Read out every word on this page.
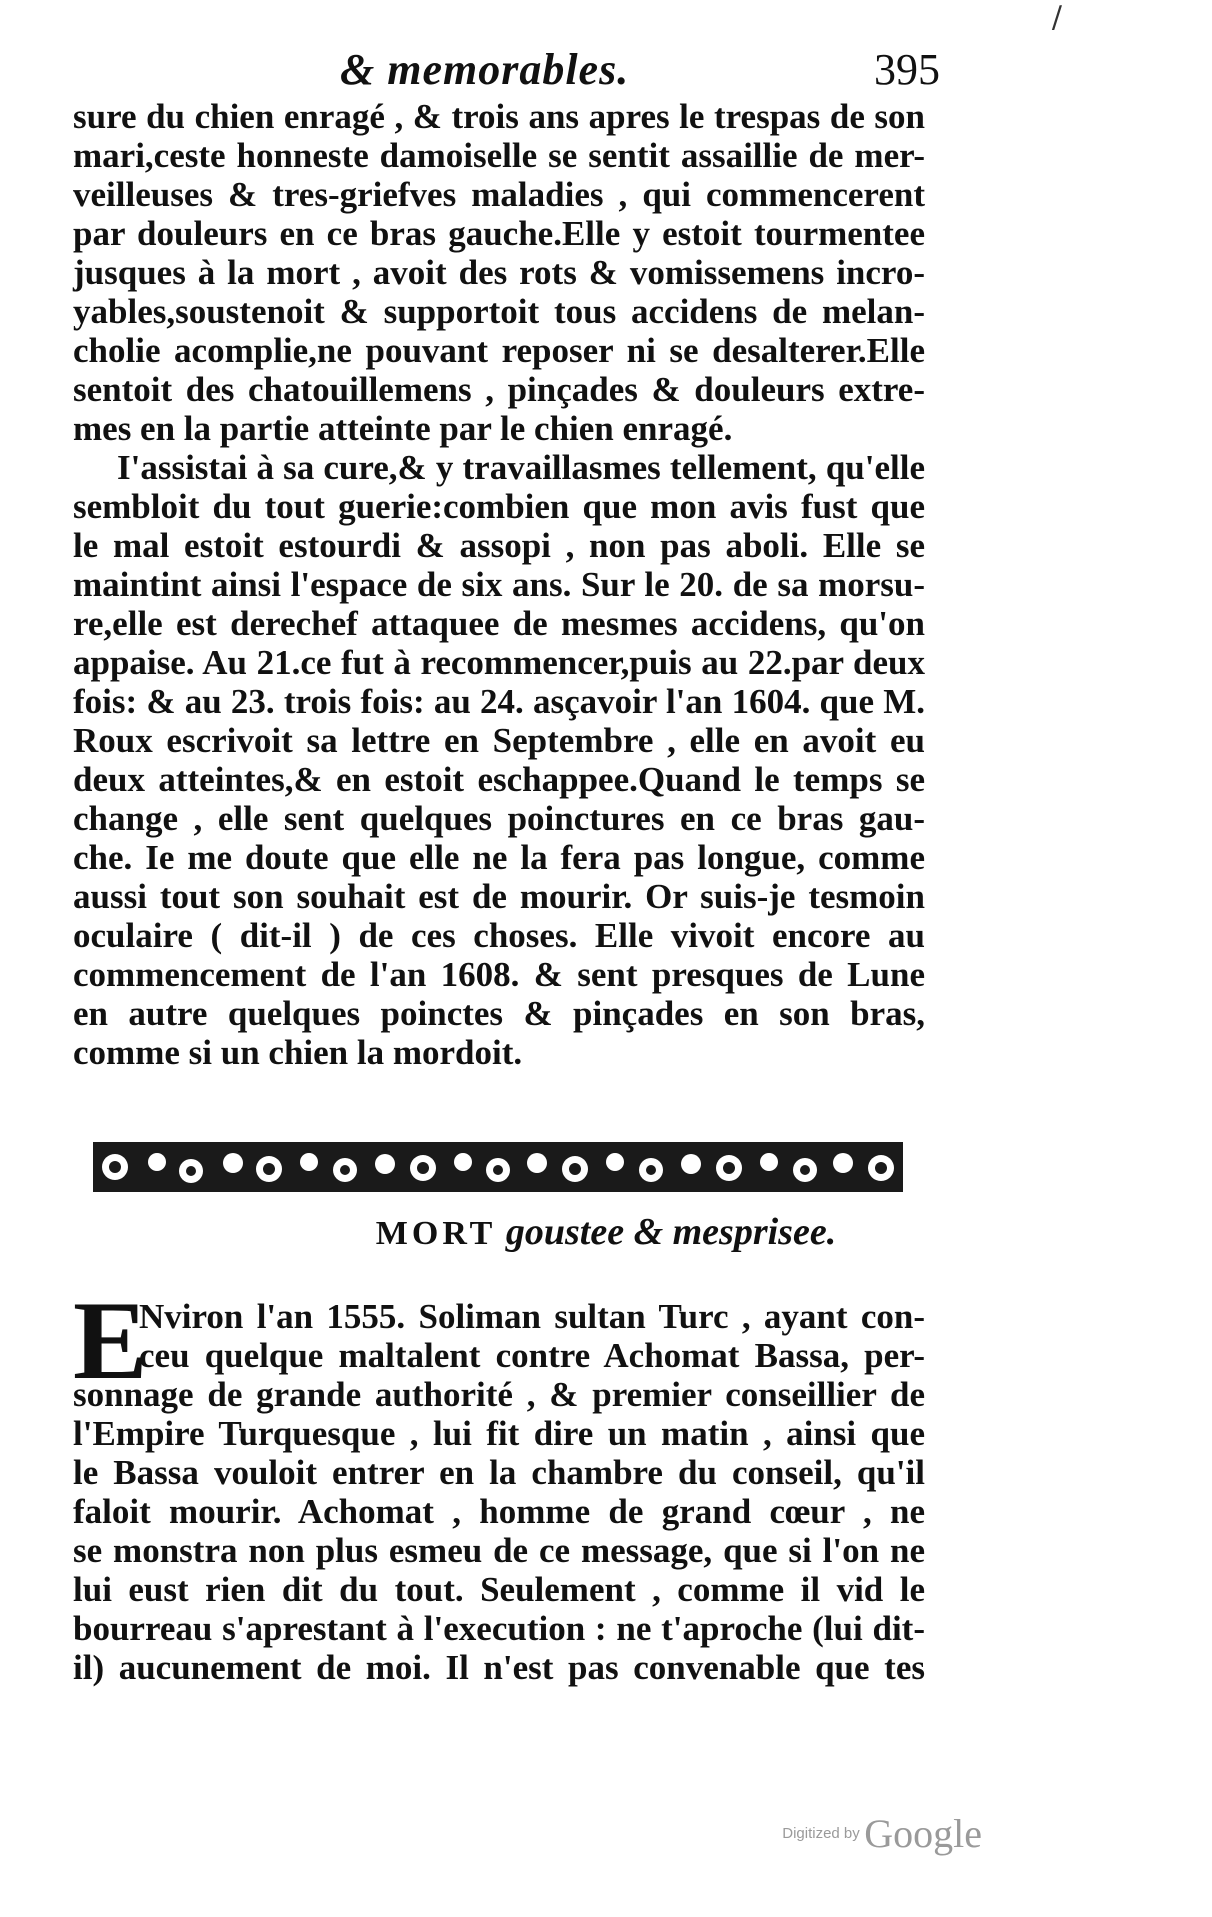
& memorables.	395
/
sure du chien enragé , & trois ans apres le trespas de son
mari,ceste honneste damoiselle se sentit assaillie de mer-
veilleuses & tres-griefves maladies , qui commencerent
par douleurs en ce bras gauche.Elle y estoit tourmentee
jusques à la mort , avoit des rots & vomissemens incro-
yables,soustenoit & supportoit tous accidens de melan-
cholie acomplie,ne pouvant reposer ni se desalterer.Elle
sentoit des chatouillemens , pinçades & douleurs extre-
mes en la partie atteinte par le chien enragé.
I'assistai à sa cure,& y travaillasmes tellement, qu'elle
sembloit du tout guerie:combien que mon avis fust que
le mal estoit estourdi & assopi , non pas aboli. Elle se
maintint ainsi l'espace de six ans. Sur le 20. de sa morsu-
re,elle est derechef attaquee de mesmes accidens, qu'on
appaise. Au 21.ce fut à recommencer,puis au 22.par deux
fois: & au 23. trois fois: au 24. asçavoir l'an 1604. que M.
Roux escrivoit sa lettre en Septembre , elle en avoit eu
deux atteintes,& en estoit eschappee.Quand le temps se
change , elle sent quelques poinctures en ce bras gau-
che. Ie me doute que elle ne la fera pas longue, comme
aussi tout son souhait est de mourir. Or suis-je tesmoin
oculaire ( dit-il ) de ces choses. Elle vivoit encore au
commencement de l'an 1608. & sent presques de Lune
en autre quelques poinctes & pinçades en son bras,
comme si un chien la mordoit.
MORT goustee & mesprisee.
E
Nviron l'an 1555. Soliman sultan Turc , ayant con-
ceu quelque maltalent contre Achomat Bassa, per-
sonnage de grande authorité , & premier conseillier de
l'Empire Turquesque , lui fit dire un matin , ainsi que
le Bassa vouloit entrer en la chambre du conseil, qu'il
faloit mourir. Achomat , homme de grand cœur , ne
se monstra non plus esmeu de ce message, que si l'on ne
lui eust rien dit du tout. Seulement , comme il vid le
bourreau s'aprestant à l'execution : ne t'aproche (lui dit-
il) aucunement de moi. Il n'est pas convenable que tes
Digitized by Google
